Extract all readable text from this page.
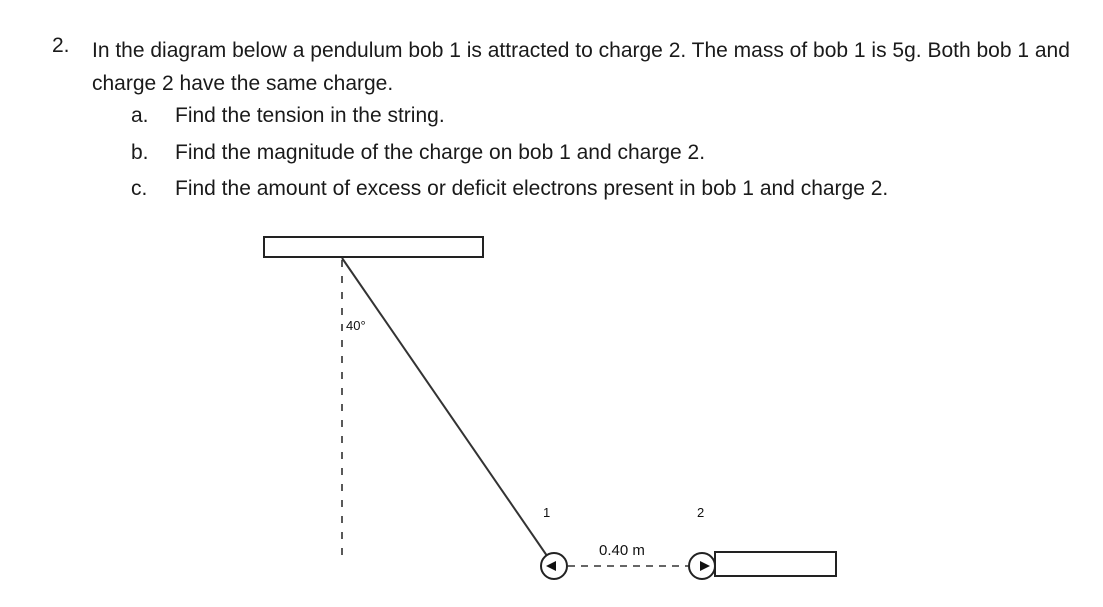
2. In the diagram below a pendulum bob 1 is attracted to charge 2. The mass of bob 1 is 5g. Both bob 1 and charge 2 have the same charge.
a. Find the tension in the string.
b. Find the magnitude of the charge on bob 1 and charge 2.
c. Find the amount of excess or deficit electrons present in bob 1 and charge 2.
40°
1
0.40 m
2
